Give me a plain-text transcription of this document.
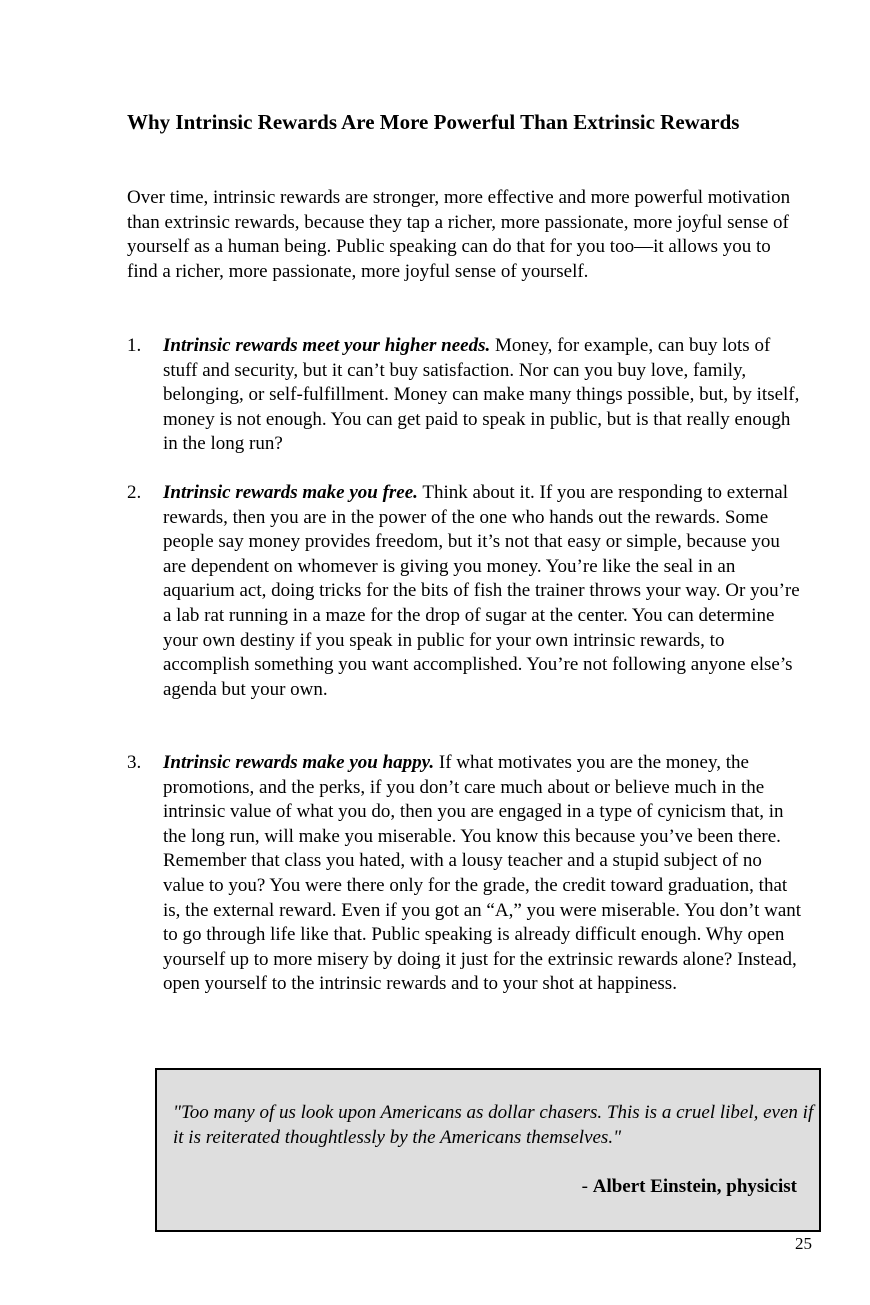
Why Intrinsic Rewards Are More Powerful Than Extrinsic Rewards

Over time, intrinsic rewards are stronger, more effective and more powerful motivation than extrinsic rewards, because they tap a richer, more passionate, more joyful sense of yourself as a human being. Public speaking can do that for you too—it allows you to find a richer, more passionate, more joyful sense of yourself.

1. Intrinsic rewards meet your higher needs. Money, for example, can buy lots of stuff and security, but it can’t buy satisfaction. Nor can you buy love, family, belonging, or self-fulfillment. Money can make many things possible, but, by itself, money is not enough. You can get paid to speak in public, but is that really enough in the long run?
2. Intrinsic rewards make you free. Think about it. If you are responding to external rewards, then you are in the power of the one who hands out the rewards. Some people say money provides freedom, but it’s not that easy or simple, because you are dependent on whomever is giving you money. You’re like the seal in an aquarium act, doing tricks for the bits of fish the trainer throws your way. Or you’re a lab rat running in a maze for the drop of sugar at the center. You can determine your own destiny if you speak in public for your own intrinsic rewards, to accomplish something you want accomplished. You’re not following anyone else’s agenda but your own.
3. Intrinsic rewards make you happy. If what motivates you are the money, the promotions, and the perks, if you don’t care much about or believe much in the intrinsic value of what you do, then you are engaged in a type of cynicism that, in the long run, will make you miserable. You know this because you’ve been there. Remember that class you hated, with a lousy teacher and a stupid subject of no value to you? You were there only for the grade, the credit toward graduation, that is, the external reward. Even if you got an “A,” you were miserable. You don’t want to go through life like that. Public speaking is already difficult enough. Why open yourself up to more misery by doing it just for the extrinsic rewards alone? Instead, open yourself to the intrinsic rewards and to your shot at happiness.

"Too many of us look upon Americans as dollar chasers. This is a cruel libel, even if it is reiterated thoughtlessly by the Americans themselves."

- Albert Einstein, physicist

25
